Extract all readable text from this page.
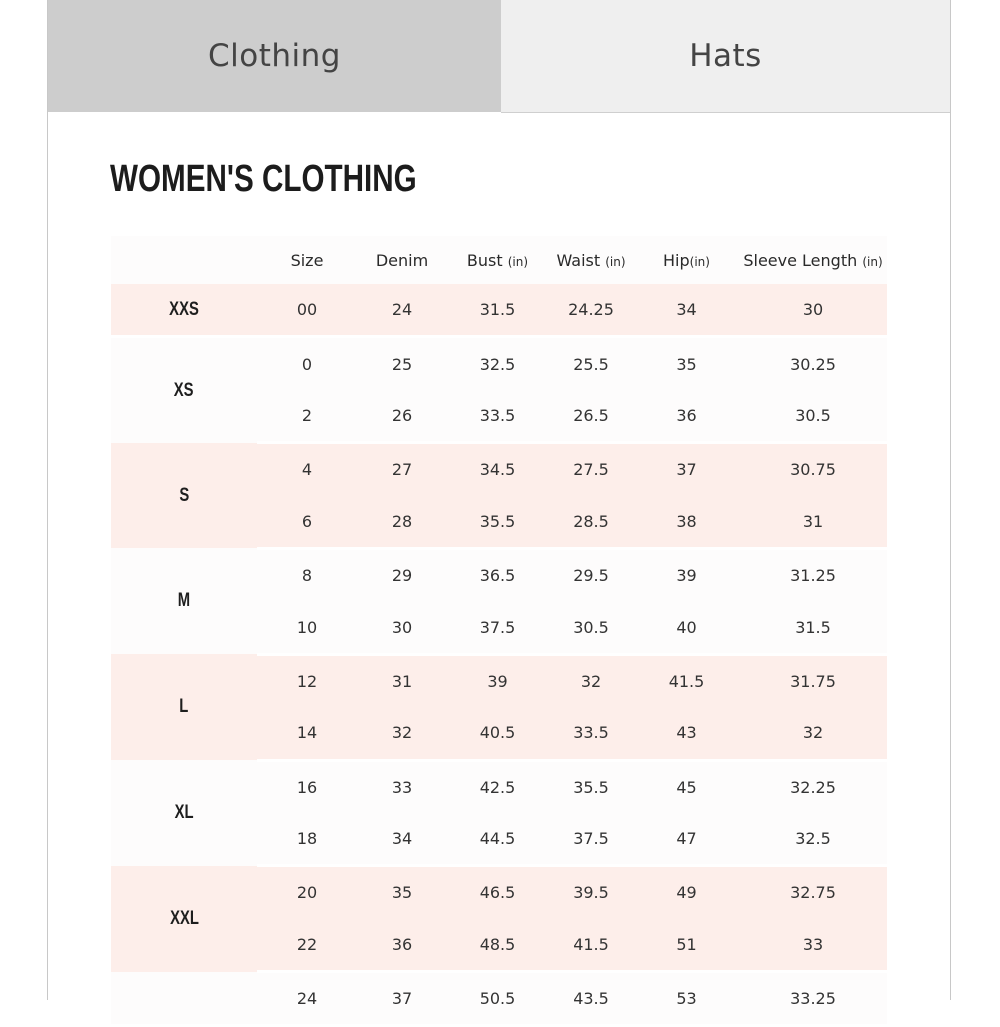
Clothing	Hats
WOMEN'S CLOTHING
	Size	Denim	Bust (in)	Waist (in)	Hip(in)	Sleeve Length (in)
XXS	00	24	31.5	24.25	34	30
XS	0	25	32.5	25.5	35	30.25
	2	26	33.5	26.5	36	30.5
S	4	27	34.5	27.5	37	30.75
	6	28	35.5	28.5	38	31
M	8	29	36.5	29.5	39	31.25
	10	30	37.5	30.5	40	31.5
L	12	31	39	32	41.5	31.75
	14	32	40.5	33.5	43	32
XL	16	33	42.5	35.5	45	32.25
	18	34	44.5	37.5	47	32.5
XXL	20	35	46.5	39.5	49	32.75
	22	36	48.5	41.5	51	33
	24	37	50.5	43.5	53	33.25
